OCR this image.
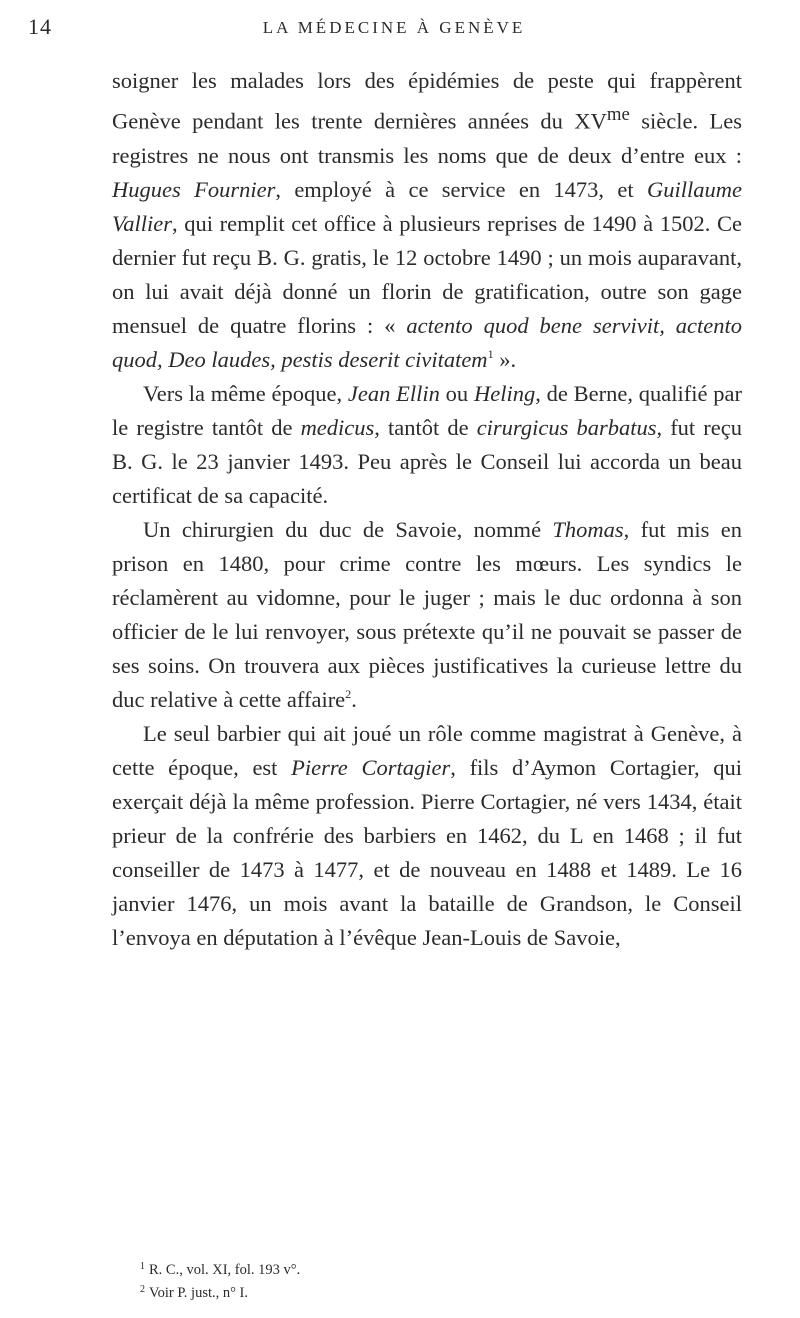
14	LA MÉDECINE À GENÈVE

soigner les malades lors des épidémies de peste qui frappèrent Genève pendant les trente dernières années du $XV^{me}$ siècle. Les registres ne nous ont transmis les noms que de deux d’entre eux : Hugues Fournier, employé à ce service en 1473, et Guillaume Vallier, qui remplit cet office à plusieurs reprises de 1490 à 1502. Ce dernier fut reçu B. G. gratis, le 12 octobre 1490 ; un mois auparavant, on lui avait déjà donné un florin de gratification, outre son gage mensuel de quatre florins : « actento quod bene servivit, actento quod, Deo laudes, pestis deserit civitatem$^1$ ».

Vers la même époque, Jean Ellin ou Heling, de Berne, qualifié par le registre tantôt de medicus, tantôt de cirurgicus barbatus, fut reçu B. G. le 23 janvier 1493. Peu après le Conseil lui accorda un beau certificat de sa capacité.

Un chirurgien du duc de Savoie, nommé Thomas, fut mis en prison en 1480, pour crime contre les mœurs. Les syndics le réclamèrent au vidomne, pour le juger ; mais le duc ordonna à son officier de le lui renvoyer, sous prétexte qu’il ne pouvait se passer de ses soins. On trouvera aux pièces justificatives la curieuse lettre du duc relative à cette affaire$^2$.

Le seul barbier qui ait joué un rôle comme magistrat à Genève, à cette époque, est Pierre Cortagier, fils d’Aymon Cortagier, qui exerçait déjà la même profession. Pierre Cortagier, né vers 1434, était prieur de la confrérie des barbiers en 1462, du L en 1468 ; il fut conseiller de 1473 à 1477, et de nouveau en 1488 et 1489. Le 16 janvier 1476, un mois avant la bataille de Grandson, le Conseil l’envoya en députation à l’évêque Jean-Louis de Savoie,

$^1$ R. C., vol. XI, fol. 193 v°.
$^2$ Voir P. just., n° I.
